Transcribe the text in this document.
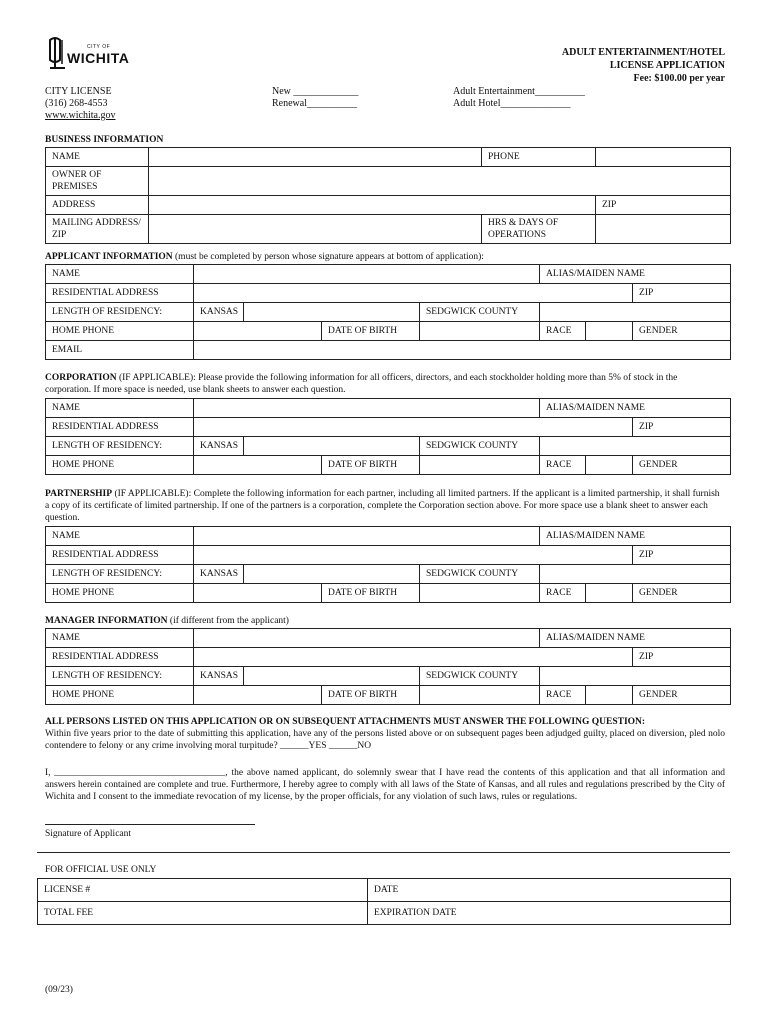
CITY OF
WICHITA	ADULT ENTERTAINMENT/HOTEL
LICENSE APPLICATION
Fee: $100.00 per year
CITY LICENSE
(316) 268-4553
www.wichita.gov
New _____________
Renewal__________
Adult Entertainment__________
Adult Hotel______________
BUSINESS INFORMATION
NAME		PHONE	
OWNER OF PREMISES			
ADDRESS			ZIP
MAILING ADDRESS/ ZIP		HRS & DAYS OF OPERATIONS	
APPLICANT INFORMATION (must be completed by person whose signature appears at bottom of application):
NAME					ALIAS/MAIDEN NAME		
RESIDENTIAL ADDRESS							ZIP
LENGTH OF RESIDENCY:	KANSAS			SEDGWICK COUNTY			
HOME PHONE			DATE OF BIRTH		RACE		GENDER
EMAIL							
CORPORATION (IF APPLICABLE): Please provide the following information for all officers, directors, and each stockholder holding more than 5% of stock in the corporation. If more space is needed, use blank sheets to answer each question.
NAME					ALIAS/MAIDEN NAME		
RESIDENTIAL ADDRESS							ZIP
LENGTH OF RESIDENCY:	KANSAS			SEDGWICK COUNTY			
HOME PHONE			DATE OF BIRTH		RACE		GENDER
PARTNERSHIP (IF APPLICABLE): Complete the following information for each partner, including all limited partners. If the applicant is a limited partnership, it shall furnish a copy of its certificate of limited partnership. If one of the partners is a corporation, complete the Corporation section above. For more space use a blank sheet to answer each question.
NAME					ALIAS/MAIDEN NAME		
RESIDENTIAL ADDRESS							ZIP
LENGTH OF RESIDENCY:	KANSAS			SEDGWICK COUNTY			
HOME PHONE			DATE OF BIRTH		RACE		GENDER
MANAGER INFORMATION (if different from the applicant)
NAME					ALIAS/MAIDEN NAME		
RESIDENTIAL ADDRESS							ZIP
LENGTH OF RESIDENCY:	KANSAS			SEDGWICK COUNTY			
HOME PHONE			DATE OF BIRTH		RACE		GENDER
ALL PERSONS LISTED ON THIS APPLICATION OR ON SUBSEQUENT ATTACHMENTS MUST ANSWER THE FOLLOWING QUESTION:
Within five years prior to the date of submitting this application, have any of the persons listed above or on subsequent pages been adjudged guilty, placed on diversion, pled nolo contendere to felony or any crime involving moral turpitude? ______YES ______NO
I, ____________________________________, the above named applicant, do solemnly swear that I have read the contents of this application and that all information and answers herein contained are complete and true. Furthermore, I hereby agree to comply with all laws of the State of Kansas, and all rules and regulations prescribed by the City of Wichita and I consent to the immediate revocation of my license, by the proper officials, for any violation of such laws, rules or regulations.
Signature of Applicant
FOR OFFICIAL USE ONLY
LICENSE #	DATE
TOTAL FEE	EXPIRATION DATE
(09/23)
